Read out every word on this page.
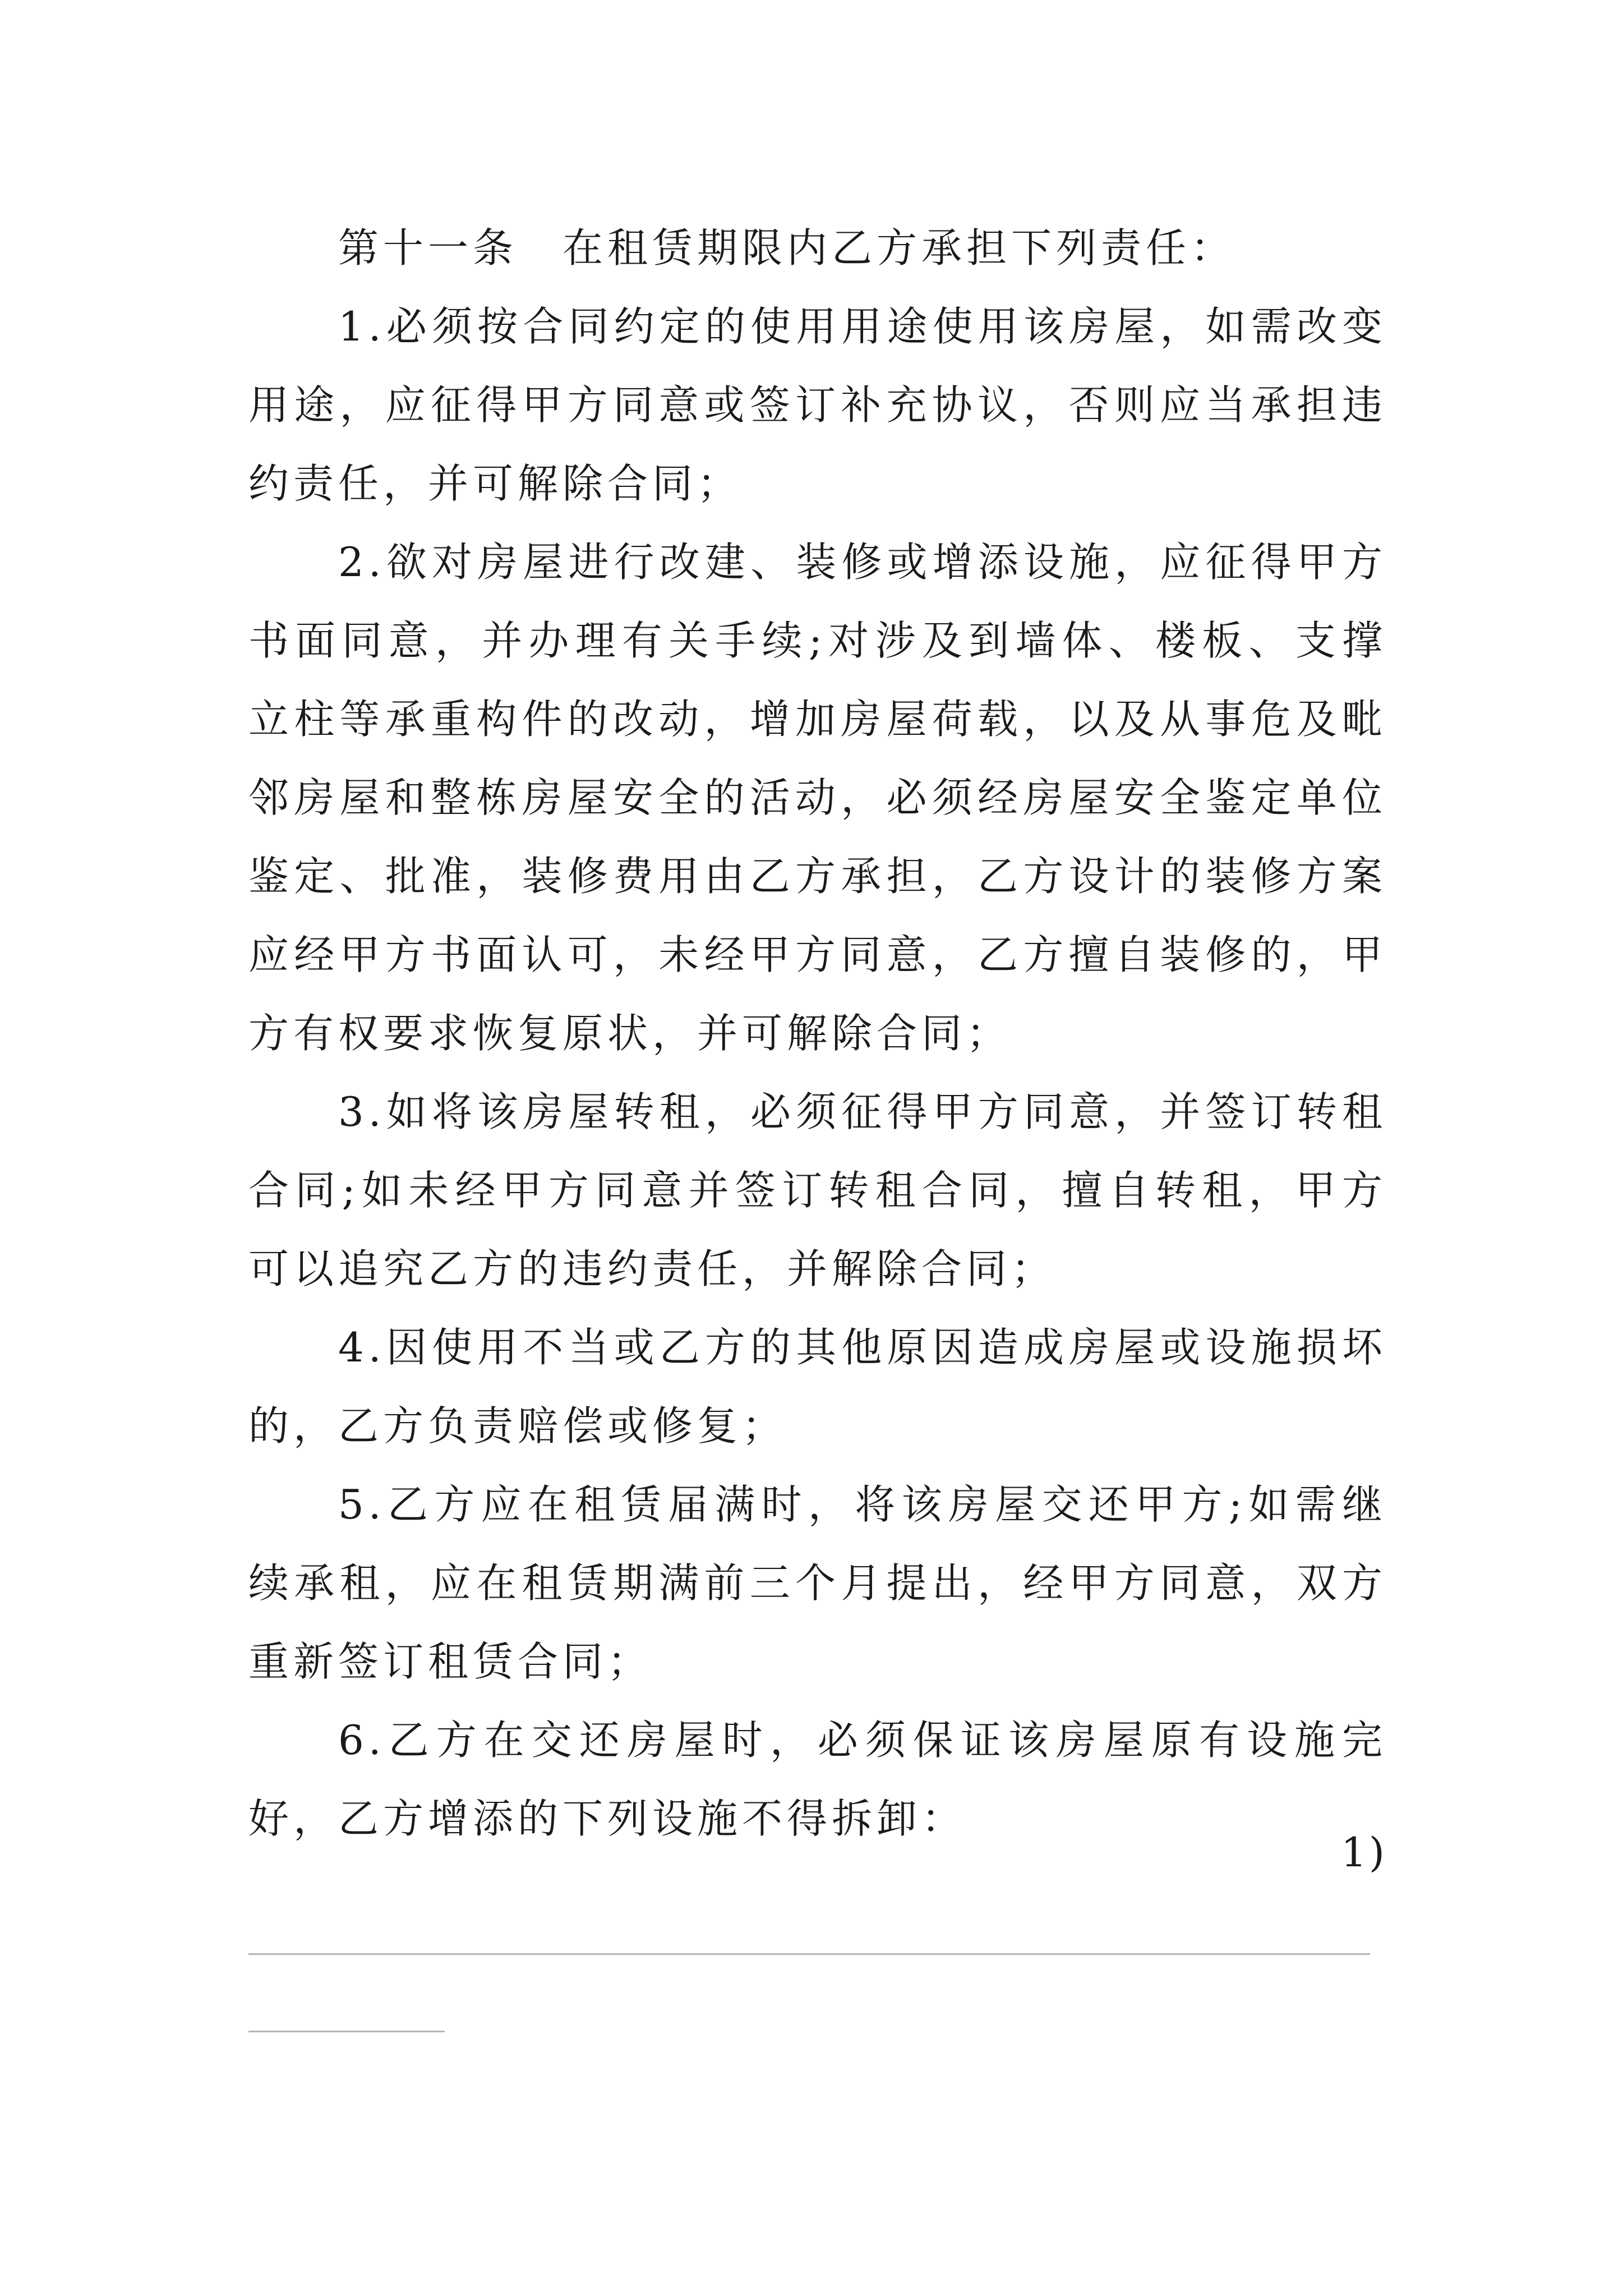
第十一条　在租赁期限内乙方承担下列责任：

1.必须按合同约定的使用用途使用该房屋，如需改变用途，应征得甲方同意或签订补充协议，否则应当承担违约责任，并可解除合同；

2.欲对房屋进行改建、装修或增添设施，应征得甲方书面同意，并办理有关手续;对涉及到墙体、楼板、支撑立柱等承重构件的改动，增加房屋荷载，以及从事危及毗邻房屋和整栋房屋安全的活动，必须经房屋安全鉴定单位鉴定、批准，装修费用由乙方承担，乙方设计的装修方案应经甲方书面认可，未经甲方同意，乙方擅自装修的，甲方有权要求恢复原状，并可解除合同；

3.如将该房屋转租，必须征得甲方同意，并签订转租合同;如未经甲方同意并签订转租合同，擅自转租，甲方可以追究乙方的违约责任，并解除合同；

4.因使用不当或乙方的其他原因造成房屋或设施损坏的，乙方负责赔偿或修复；

5.乙方应在租赁届满时，将该房屋交还甲方;如需继续承租，应在租赁期满前三个月提出，经甲方同意，双方重新签订租赁合同；

6.乙方在交还房屋时，必须保证该房屋原有设施完好，乙方增添的下列设施不得拆卸：

1)
